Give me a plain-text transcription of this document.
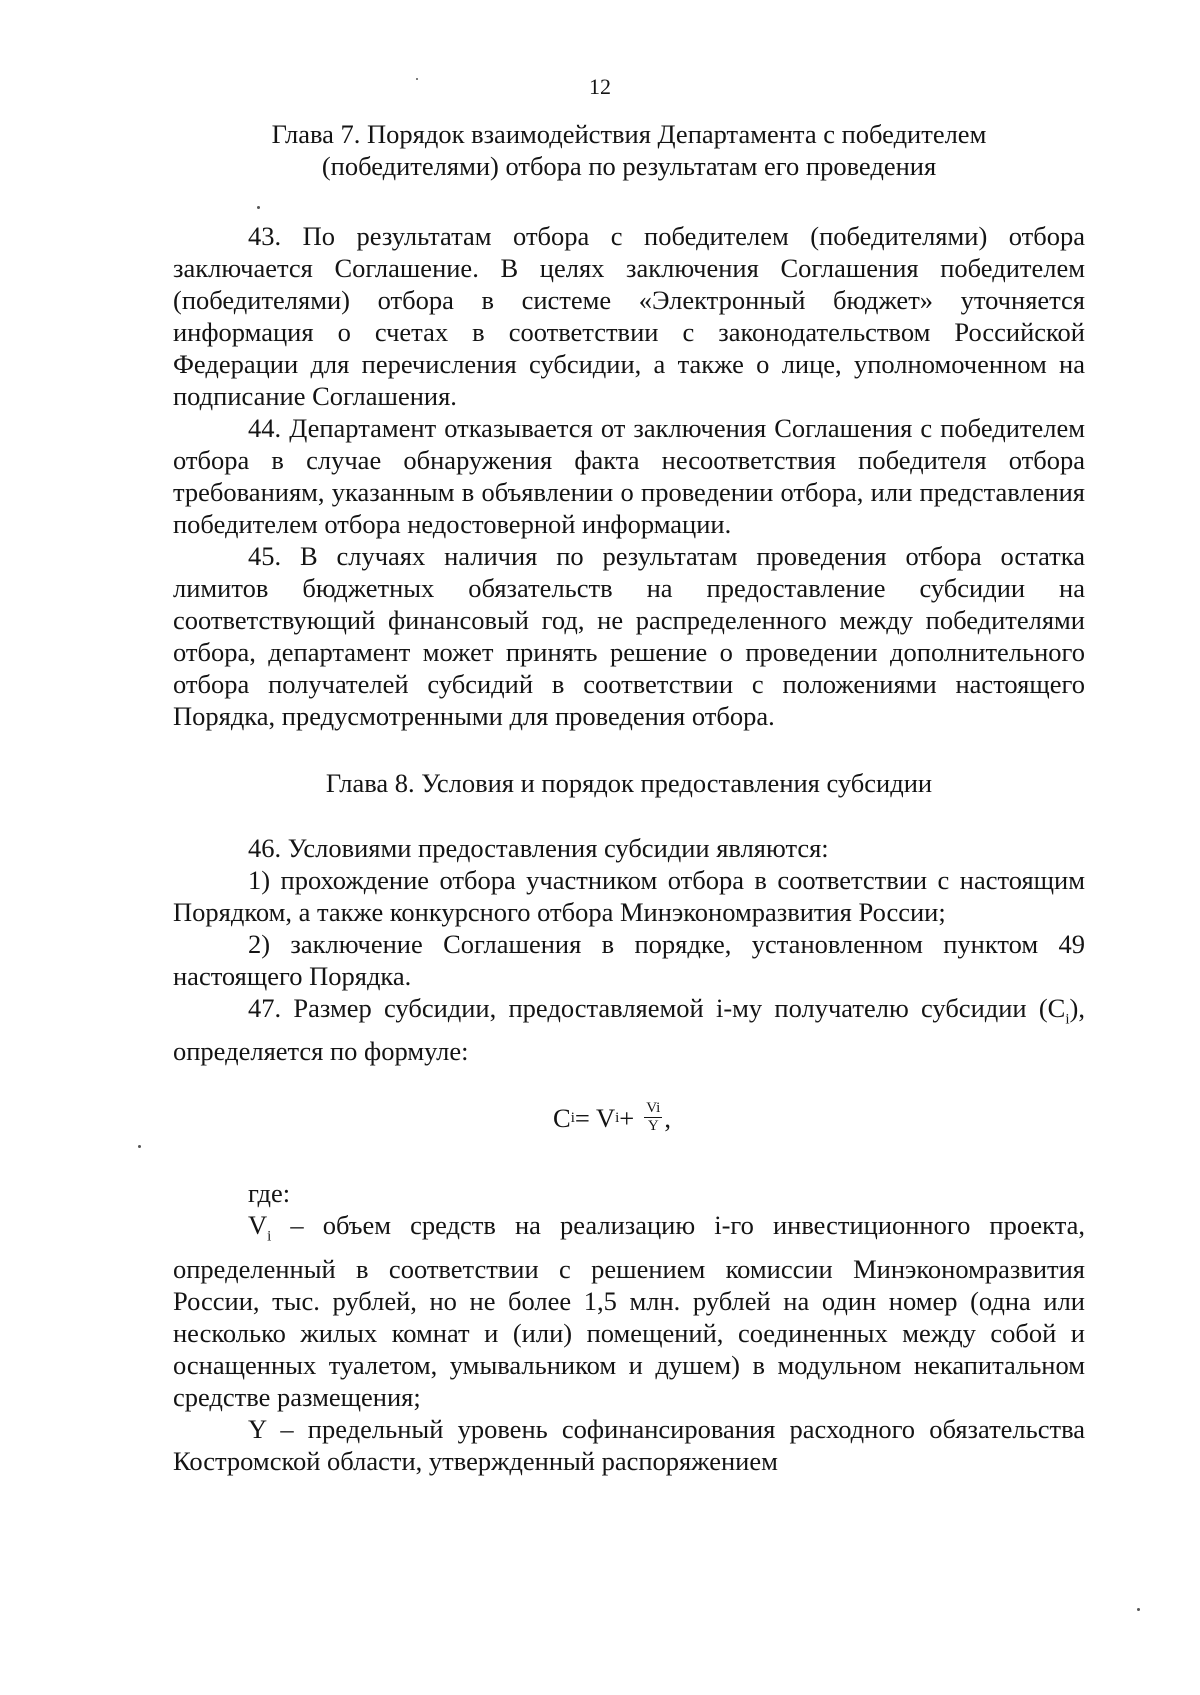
12
Глава 7. Порядок взаимодействия Департамента с победителем
(победителями) отбора по результатам его проведения

43. По результатам отбора с победителем (победителями) отбора заключается Соглашение. В целях заключения Соглашения победителем (победителями) отбора в системе «Электронный бюджет» уточняется информация о счетах в соответствии с законодательством Российской Федерации для перечисления субсидии, а также о лице, уполномоченном на подписание Соглашения.

44. Департамент отказывается от заключения Соглашения с победителем отбора в случае обнаружения факта несоответствия победителя отбора требованиям, указанным в объявлении о проведении отбора, или представления победителем отбора недостоверной информации.

45. В случаях наличия по результатам проведения отбора остатка лимитов бюджетных обязательств на предоставление субсидии на соответствующий финансовый год, не распределенного между победителями отбора, департамент может принять решение о проведении дополнительного отбора получателей субсидий в соответствии с положениями настоящего Порядка, предусмотренными для проведения отбора.

Глава 8. Условия и порядок предоставления субсидии

46. Условиями предоставления субсидии являются:

1) прохождение отбора участником отбора в соответствии с настоящим Порядком, а также конкурсного отбора Минэкономразвития России;

2) заключение Соглашения в порядке, установленном пунктом 49 настоящего Порядка.

47. Размер субсидии, предоставляемой i-му получателю субсидии $(C_i)$, определяется по формуле:

C i = V $i + \frac{Vi}{Y}$ ,

где:

$V_i$ – объем средств на реализацию i-го инвестиционного проекта, определенный в соответствии с решением комиссии Минэкономразвития России, тыс. рублей, но не более 1,5 млн. рублей на один номер (одна или несколько жилых комнат и (или) помещений, соединенных между собой и оснащенных туалетом, умывальником и душем) в модульном некапитальном средстве размещения;

Y – предельный уровень софинансирования расходного обязательства Костромской области, утвержденный распоряжением
